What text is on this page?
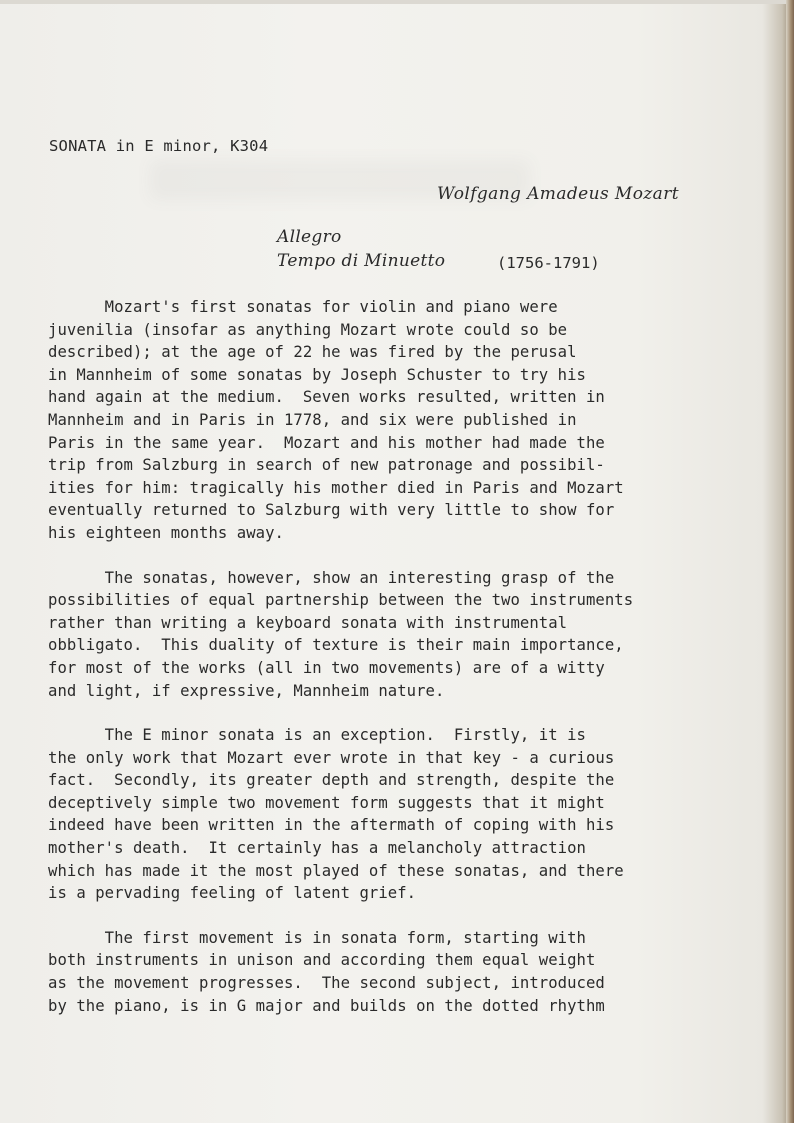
SONATA in E minor, K304

Wolfgang Amadeus Mozart

(1756-1791)

Allegro
Tempo di Minuetto
Mozart's first sonatas for violin and piano were
juvenilia (insofar as anything Mozart wrote could so be
described); at the age of 22 he was fired by the perusal
in Mannheim of some sonatas by Joseph Schuster to try his
hand again at the medium.  Seven works resulted, written in
Mannheim and in Paris in 1778, and six were published in
Paris in the same year.  Mozart and his mother had made the
trip from Salzburg in search of new patronage and possibil-
ities for him: tragically his mother died in Paris and Mozart
eventually returned to Salzburg with very little to show for
his eighteen months away.
The sonatas, however, show an interesting grasp of the
possibilities of equal partnership between the two instruments
rather than writing a keyboard sonata with instrumental
obbligato.  This duality of texture is their main importance,
for most of the works (all in two movements) are of a witty
and light, if expressive, Mannheim nature.
The E minor sonata is an exception.  Firstly, it is
the only work that Mozart ever wrote in that key - a curious
fact.  Secondly, its greater depth and strength, despite the
deceptively simple two movement form suggests that it might
indeed have been written in the aftermath of coping with his
mother's death.  It certainly has a melancholy attraction
which has made it the most played of these sonatas, and there
is a pervading feeling of latent grief.
The first movement is in sonata form, starting with
both instruments in unison and according them equal weight
as the movement progresses.  The second subject, introduced
by the piano, is in G major and builds on the dotted rhythm
